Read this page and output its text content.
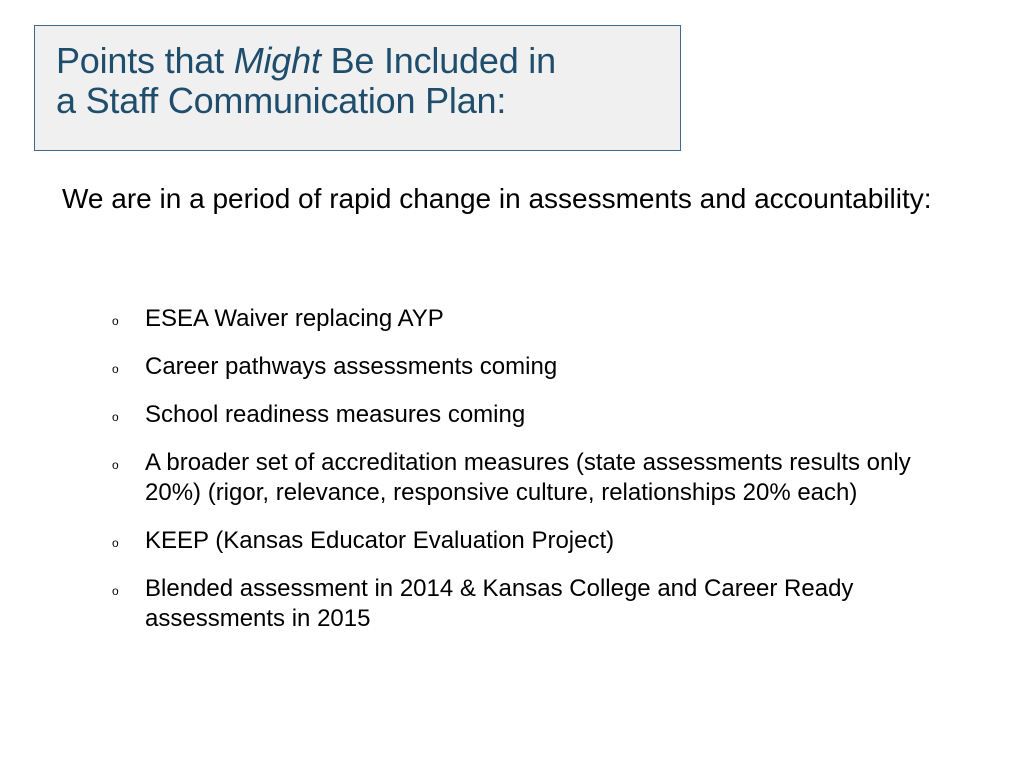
Points that Might Be Included in
a Staff Communication Plan:

We are in a period of rapid change in assessments and accountability:

o ESEA Waiver replacing AYP
o Career pathways assessments coming
o School readiness measures coming
o A broader set of accreditation measures (state assessments results only 20%) (rigor, relevance, responsive culture, relationships 20% each)
o KEEP (Kansas Educator Evaluation Project)
o Blended assessment in 2014 & Kansas College and Career Ready assessments in 2015
